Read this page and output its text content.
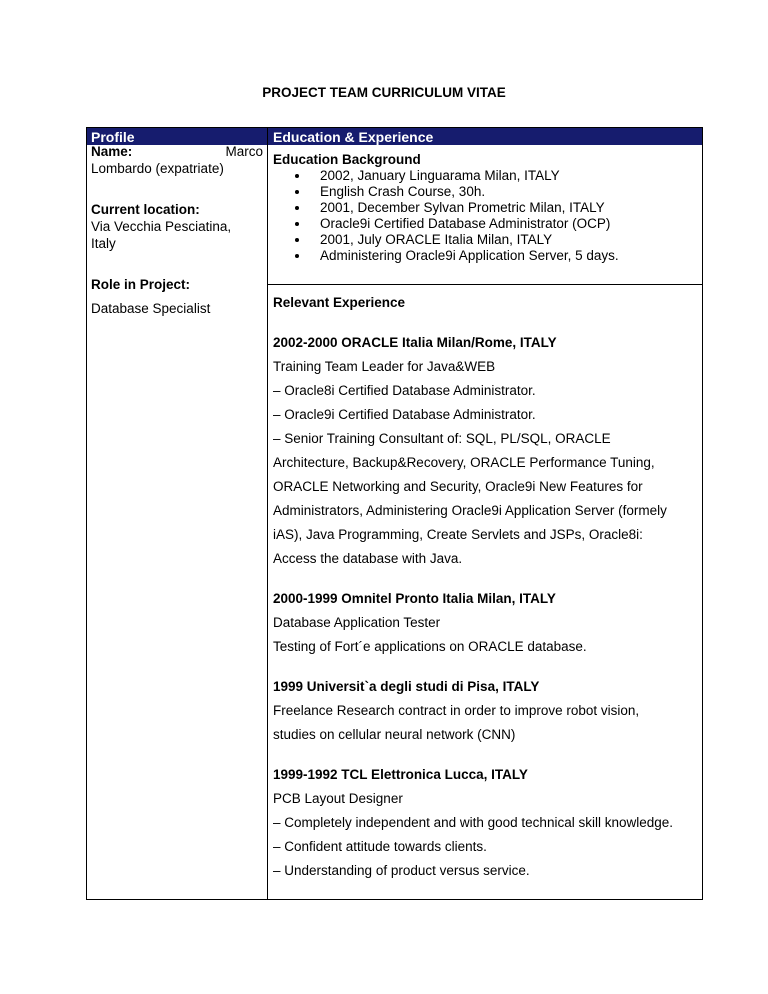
PROJECT TEAM CURRICULUM VITAE
Profile	Education & Experience
Name:	Marco
Lombardo (expatriate)
Current location:
Via Vecchia Pesciatina,
Italy
Role in Project:
Database Specialist
Education Background
2002, January Linguarama Milan, ITALY
English Crash Course, 30h.
2001, December Sylvan Prometric Milan, ITALY
Oracle9i Certified Database Administrator (OCP)
2001, July ORACLE Italia Milan, ITALY
Administering Oracle9i Application Server, 5 days.
Relevant Experience
2002-2000 ORACLE Italia Milan/Rome, ITALY
Training Team Leader for Java&WEB
– Oracle8i Certified Database Administrator.
– Oracle9i Certified Database Administrator.
– Senior Training Consultant of: SQL, PL/SQL, ORACLE
Architecture, Backup&Recovery, ORACLE Performance Tuning,
ORACLE Networking and Security, Oracle9i New Features for
Administrators, Administering Oracle9i Application Server (formely
iAS), Java Programming, Create Servlets and JSPs, Oracle8i:
Access the database with Java.
2000-1999 Omnitel Pronto Italia Milan, ITALY
Database Application Tester
Testing of Fort´e applications on ORACLE database.
1999 Universit`a degli studi di Pisa, ITALY
Freelance Research contract in order to improve robot vision,
studies on cellular neural network (CNN)
1999-1992 TCL Elettronica Lucca, ITALY
PCB Layout Designer
– Completely independent and with good technical skill knowledge.
– Confident attitude towards clients.
– Understanding of product versus service.
